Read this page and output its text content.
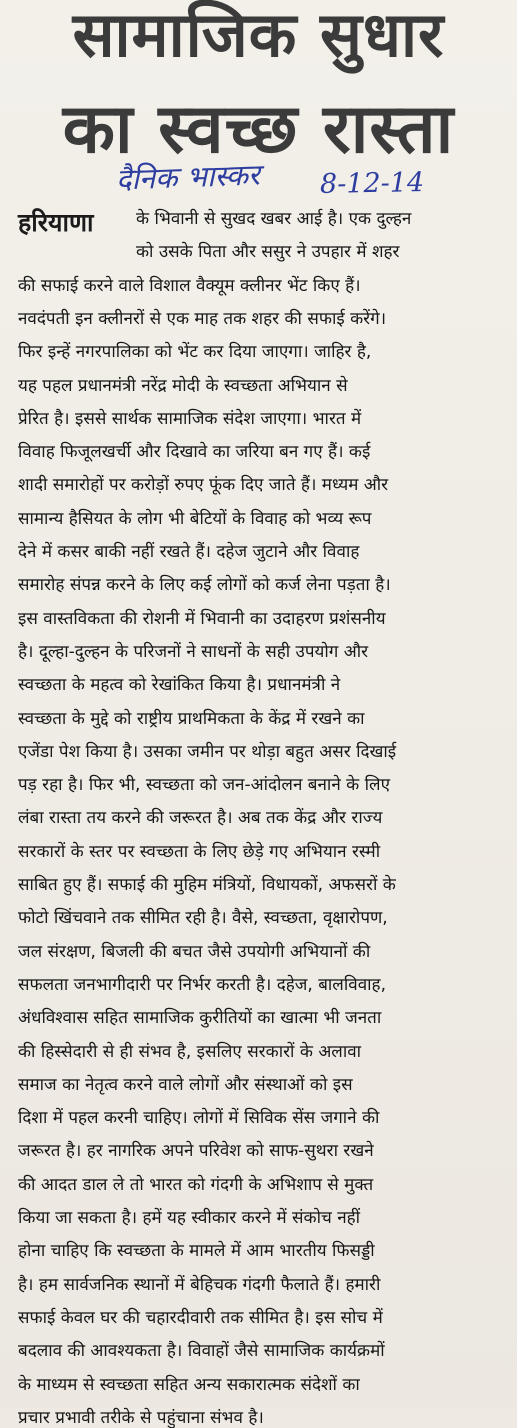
सामाजिक सुधार
का स्वच्छ रास्ता
दैनिक भास्कर 8-12-14
हरियाणा के भिवानी से सुखद खबर आई है। एक दुल्हन
को उसके पिता और ससुर ने उपहार में शहर
की सफाई करने वाले विशाल वैक्यूम क्लीनर भेंट किए हैं।
नवदंपती इन क्लीनरों से एक माह तक शहर की सफाई करेंगे।
फिर इन्हें नगरपालिका को भेंट कर दिया जाएगा। जाहिर है,
यह पहल प्रधानमंत्री नरेंद्र मोदी के स्वच्छता अभियान से
प्रेरित है। इससे सार्थक सामाजिक संदेश जाएगा। भारत में
विवाह फिजूलखर्ची और दिखावे का जरिया बन गए हैं। कई
शादी समारोहों पर करोड़ों रुपए फूंक दिए जाते हैं। मध्यम और
सामान्य हैसियत के लोग भी बेटियों के विवाह को भव्य रूप
देने में कसर बाकी नहीं रखते हैं। दहेज जुटाने और विवाह
समारोह संपन्न करने के लिए कई लोगों को कर्ज लेना पड़ता है।
इस वास्तविकता की रोशनी में भिवानी का उदाहरण प्रशंसनीय
है। दूल्हा-दुल्हन के परिजनों ने साधनों के सही उपयोग और
स्वच्छता के महत्व को रेखांकित किया है। प्रधानमंत्री ने
स्वच्छता के मुद्दे को राष्ट्रीय प्राथमिकता के केंद्र में रखने का
एजेंडा पेश किया है। उसका जमीन पर थोड़ा बहुत असर दिखाई
पड़ रहा है। फिर भी, स्वच्छता को जन-आंदोलन बनाने के लिए
लंबा रास्ता तय करने की जरूरत है। अब तक केंद्र और राज्य
सरकारों के स्तर पर स्वच्छता के लिए छेड़े गए अभियान रस्मी
साबित हुए हैं। सफाई की मुहिम मंत्रियों, विधायकों, अफसरों के
फोटो खिंचवाने तक सीमित रही है। वैसे, स्वच्छता, वृक्षारोपण,
जल संरक्षण, बिजली की बचत जैसे उपयोगी अभियानों की
सफलता जनभागीदारी पर निर्भर करती है। दहेज, बालविवाह,
अंधविश्वास सहित सामाजिक कुरीतियों का खात्मा भी जनता
की हिस्सेदारी से ही संभव है, इसलिए सरकारों के अलावा
समाज का नेतृत्व करने वाले लोगों और संस्थाओं को इस
दिशा में पहल करनी चाहिए। लोगों में सिविक सेंस जगाने की
जरूरत है। हर नागरिक अपने परिवेश को साफ-सुथरा रखने
की आदत डाल ले तो भारत को गंदगी के अभिशाप से मुक्त
किया जा सकता है। हमें यह स्वीकार करने में संकोच नहीं
होना चाहिए कि स्वच्छता के मामले में आम भारतीय फिसड्डी
है। हम सार्वजनिक स्थानों में बेहिचक गंदगी फैलाते हैं। हमारी
सफाई केवल घर की चहारदीवारी तक सीमित है। इस सोच में
बदलाव की आवश्यकता है। विवाहों जैसे सामाजिक कार्यक्रमों
के माध्यम से स्वच्छता सहित अन्य सकारात्मक संदेशों का
प्रचार प्रभावी तरीके से पहुंचाना संभव है।
